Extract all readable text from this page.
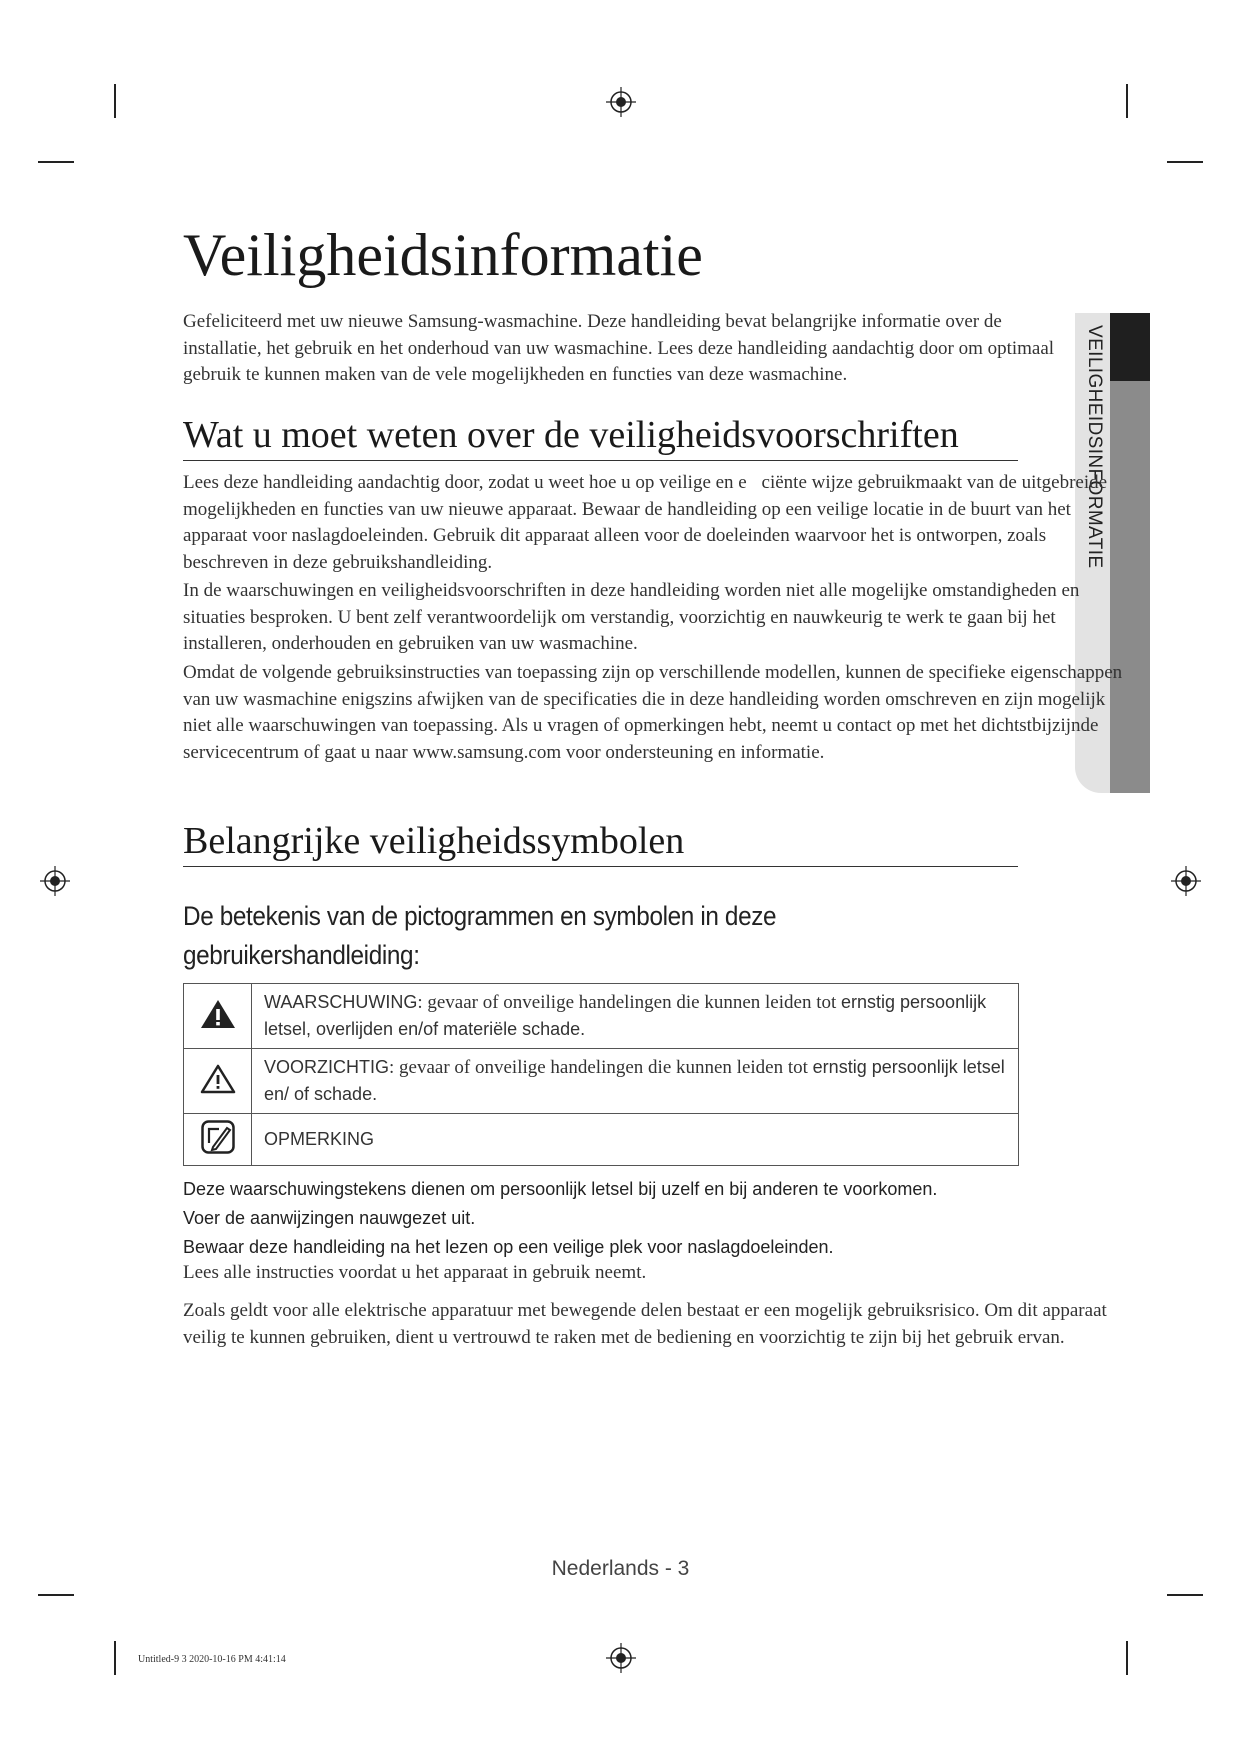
VEILIGHEIDSINFORMATIE
Veiligheidsinformatie

Gefeliciteerd met uw nieuwe Samsung-wasmachine. Deze handleiding bevat belangrijke informatie over de installatie, het gebruik en het onderhoud van uw wasmachine. Lees deze handleiding aandachtig door om optimaal gebruik te kunnen maken van de vele mogelijkheden en functies van deze wasmachine.

Wat u moet weten over de veiligheidsvoorschriften

Lees deze handleiding aandachtig door, zodat u weet hoe u op veilige en e ciënte wijze gebruikmaakt van de uitgebreide mogelijkheden en functies van uw nieuwe apparaat. Bewaar de handleiding op een veilige locatie in de buurt van het apparaat voor naslagdoeleinden. Gebruik dit apparaat alleen voor de doeleinden waarvoor het is ontworpen, zoals beschreven in deze gebruikshandleiding.

In de waarschuwingen en veiligheidsvoorschriften in deze handleiding worden niet alle mogelijke omstandigheden en situaties besproken. U bent zelf verantwoordelijk om verstandig, voorzichtig en nauwkeurig te werk te gaan bij het installeren, onderhouden en gebruiken van uw wasmachine.

Omdat de volgende gebruiksinstructies van toepassing zijn op verschillende modellen, kunnen de specifieke eigenschappen van uw wasmachine enigszins afwijken van de specificaties die in deze handleiding worden omschreven en zijn mogelijk niet alle waarschuwingen van toepassing. Als u vragen of opmerkingen hebt, neemt u contact op met het dichtstbijzijnde servicecentrum of gaat u naar www.samsung.com voor ondersteuning en informatie.

Belangrijke veiligheidssymbolen
De betekenis van de pictogrammen en symbolen in deze gebruikershandleiding:
	WAARSCHUWING: gevaar of onveilige handelingen die kunnen leiden tot ernstig persoonlijk letsel, overlijden en/of materiële schade.
	VOORZICHTIG: gevaar of onveilige handelingen die kunnen leiden tot ernstig persoonlijk letsel en/ of schade.
	OPMERKING
Deze waarschuwingstekens dienen om persoonlijk letsel bij uzelf en bij anderen te voorkomen.
Voer de aanwijzingen nauwgezet uit.
Bewaar deze handleiding na het lezen op een veilige plek voor naslagdoeleinden.

Lees alle instructies voordat u het apparaat in gebruik neemt.

Zoals geldt voor alle elektrische apparatuur met bewegende delen bestaat er een mogelijk gebruiksrisico. Om dit apparaat veilig te kunnen gebruiken, dient u vertrouwd te raken met de bediening en voorzichtig te zijn bij het gebruik ervan.

Nederlands - 3
Untitled-9 3 2020-10-16 PM 4:41:14
